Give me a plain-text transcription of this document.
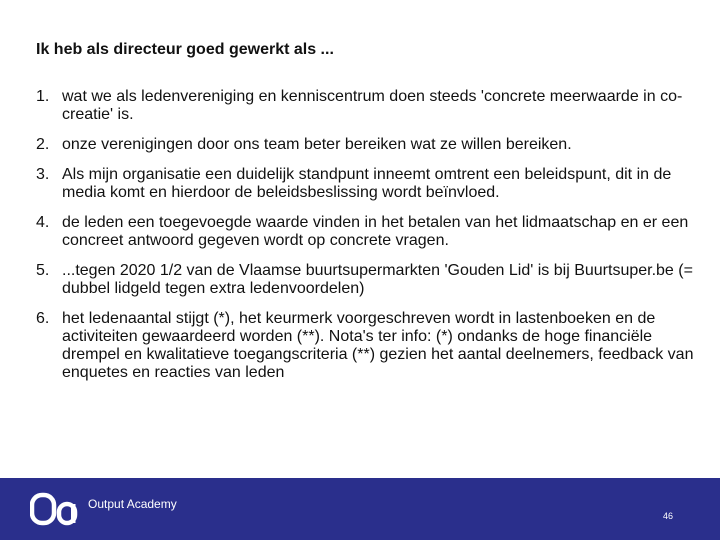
Ik heb als directeur goed gewerkt als ...
1. wat we als ledenvereniging en kenniscentrum doen steeds 'concrete meerwaarde in co-creatie' is.
2. onze verenigingen door ons team beter bereiken wat ze willen bereiken.
3. Als mijn organisatie een duidelijk standpunt inneemt omtrent een beleidspunt, dit in de media komt en hierdoor de beleidsbeslissing wordt beïnvloed.
4. de leden een toegevoegde waarde vinden in het betalen van het lidmaatschap en er een concreet antwoord gegeven wordt op concrete vragen.
5. ...tegen 2020 1/2 van de Vlaamse buurtsupermarkten 'Gouden Lid' is bij Buurtsuper.be (= dubbel lidgeld tegen extra ledenvoordelen)
6. het ledenaantal stijgt (*), het keurmerk voorgeschreven wordt in lastenboeken en de activiteiten gewaardeerd worden (**). Nota's ter info: (*) ondanks de hoge financiële drempel en kwalitatieve toegangscriteria (**) gezien het aantal deelnemers, feedback van enquetes en reacties van leden
Output Academy
46
